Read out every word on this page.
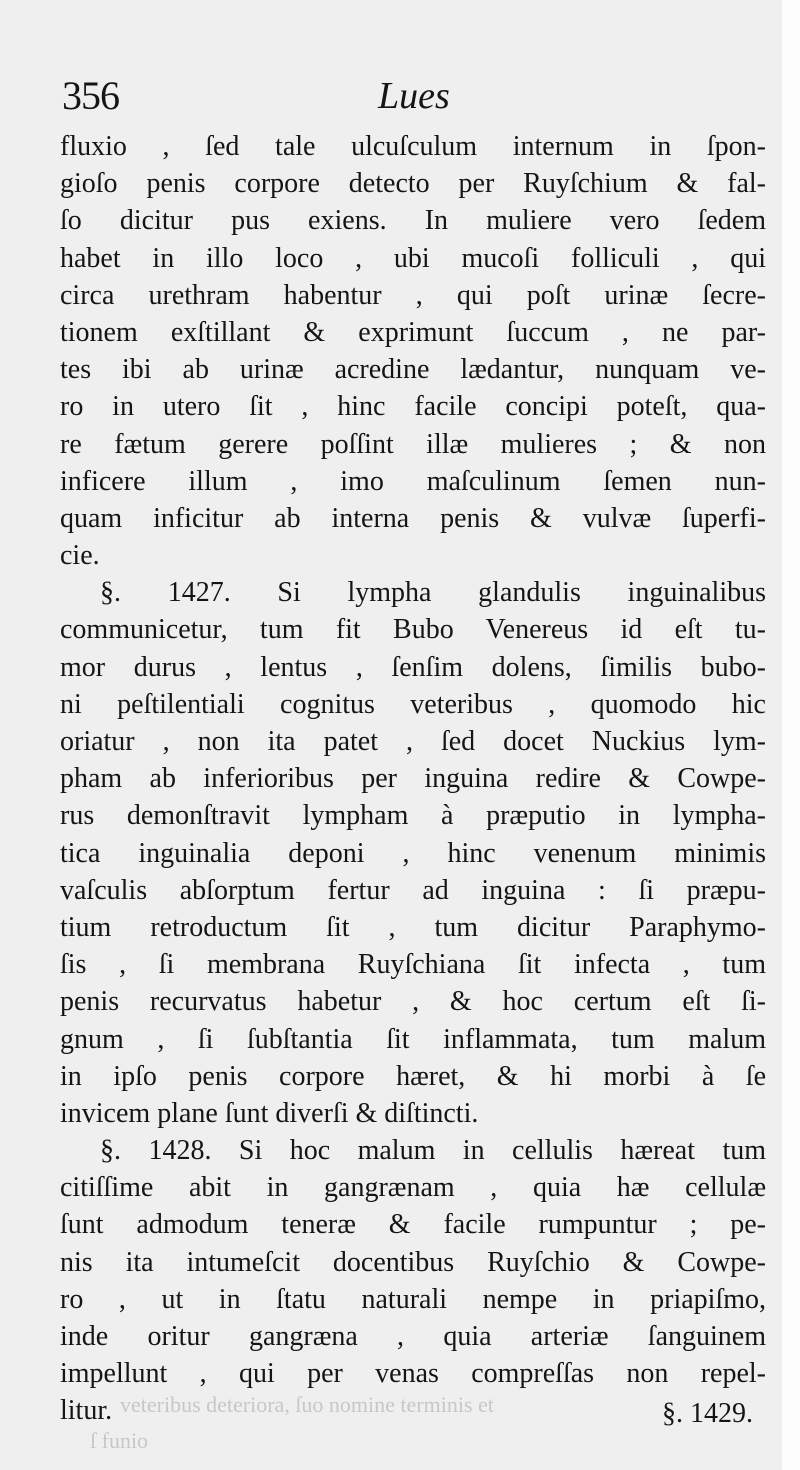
veteribus deteriora, ſuo nomine terminis et
ſ funio
356	Lues
fluxio , ſed tale ulcuſculum internum in ſpon-
gioſo penis corpore detecto per Ruyſchium & fal-
ſo dicitur pus exiens. In muliere vero ſedem
habet in illo loco , ubi mucoſi folliculi , qui
circa urethram habentur , qui poſt urinæ ſecre-
tionem exſtillant & exprimunt ſuccum , ne par-
tes ibi ab urinæ acredine lædantur, nunquam ve-
ro in utero ſit , hinc facile concipi poteſt, qua-
re fætum gerere poſſint illæ mulieres ; & non
inficere illum , imo maſculinum ſemen nun-
quam inficitur ab interna penis & vulvæ ſuperfi-
cie.
§. 1427. Si lympha glandulis inguinalibus
communicetur, tum fit Bubo Venereus id eſt tu-
mor durus , lentus , ſenſim dolens, ſimilis bubo-
ni peſtilentiali cognitus veteribus , quomodo hic
oriatur , non ita patet , ſed docet Nuckius lym-
pham ab inferioribus per inguina redire & Cowpe-
rus demonſtravit lympham à præputio in lympha-
tica inguinalia deponi , hinc venenum minimis
vaſculis abſorptum fertur ad inguina : ſi præpu-
tium retroductum ſit , tum dicitur Paraphymo-
ſis , ſi membrana Ruyſchiana ſit infecta , tum
penis recurvatus habetur , & hoc certum eſt ſi-
gnum , ſi ſubſtantia ſit inflammata, tum malum
in ipſo penis corpore hæret, & hi morbi à ſe
invicem plane ſunt diverſi & diſtincti.
§. 1428. Si hoc malum in cellulis hæreat tum
citiſſime abit in gangrænam , quia hæ cellulæ
ſunt admodum teneræ & facile rumpuntur ; pe-
nis ita intumeſcit docentibus Ruyſchio & Cowpe-
ro , ut in ſtatu naturali nempe in priapiſmo,
inde oritur gangræna , quia arteriæ ſanguinem
impellunt , qui per venas compreſſas non repel-
litur.	§. 1429.
